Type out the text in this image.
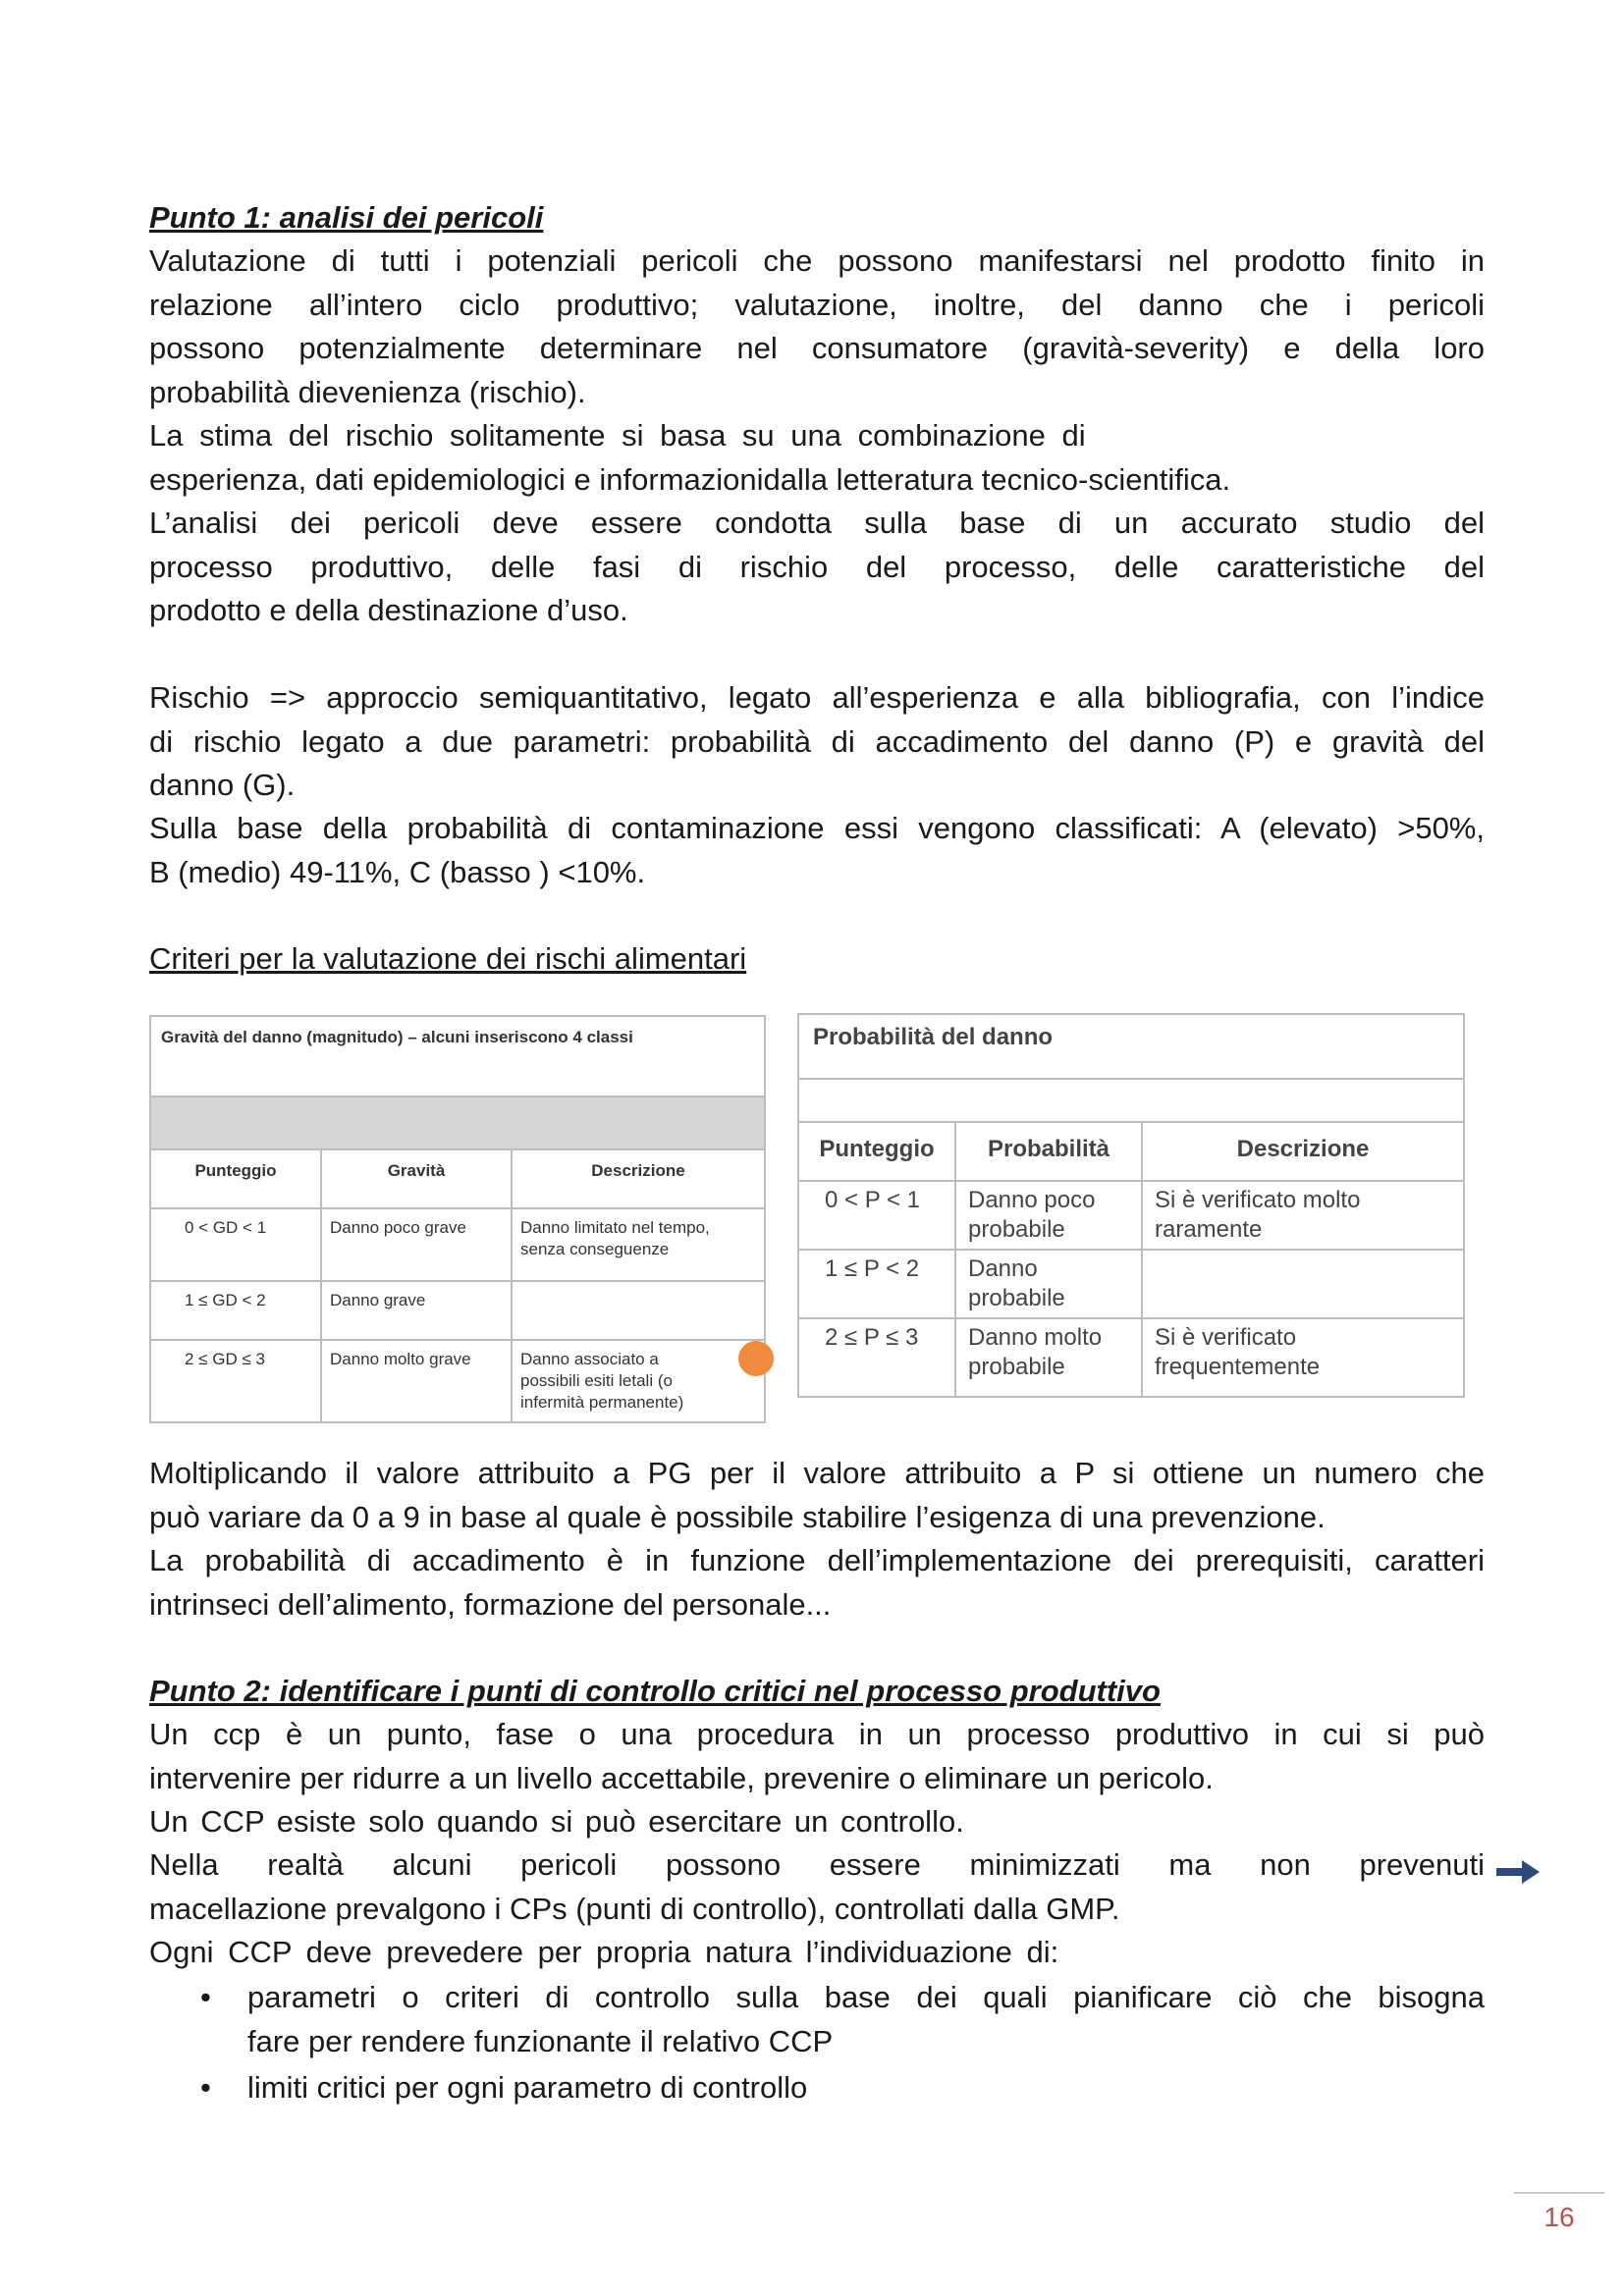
Punto 1: analisi dei pericoli
Valutazione di tutti i potenziali pericoli che possono manifestarsi nel prodotto finito in
relazione all’intero ciclo produttivo; valutazione, inoltre, del danno che i pericoli
possono potenzialmente determinare nel consumatore (gravità-severity) e della loro
probabilità dievenienza (rischio).
La stima del rischio solitamente si basa su una combinazione di
esperienza, dati epidemiologici e informazionidalla letteratura tecnico-scientifica.
L’analisi dei pericoli deve essere condotta sulla base di un accurato studio del
processo produttivo, delle fasi di rischio del processo, delle caratteristiche del
prodotto e della destinazione d’uso.
Rischio => approccio semiquantitativo, legato all’esperienza e alla bibliografia, con l’indice
di rischio legato a due parametri: probabilità di accadimento del danno (P) e gravità del
danno (G).
Sulla base della probabilità di contaminazione essi vengono classificati: A (elevato) >50%,
B (medio) 49-11%, C (basso ) <10%.
Criteri per la valutazione dei rischi alimentari
Gravità del danno (magnitudo) – alcuni inseriscono 4 classi		

Punteggio	Gravità	Descrizione
0 < GD < 1	Danno poco grave	Danno limitato nel tempo, senza conseguenze
1 ≤ GD < 2	Danno grave	
2 ≤ GD ≤ 3	Danno molto grave	Danno associato a possibili esiti letali (o infermità permanente)
Probabilità del danno		

Punteggio	Probabilità	Descrizione
0 < P < 1	Danno poco probabile	Si è verificato molto raramente
1 ≤ P < 2	Danno probabile	
2 ≤ P ≤ 3	Danno molto probabile	Si è verificato frequentemente
Moltiplicando il valore attribuito a PG per il valore attribuito a P si ottiene un numero che
può variare da 0 a 9 in base al quale è possibile stabilire l’esigenza di una prevenzione.
La probabilità di accadimento è in funzione dell’implementazione dei prerequisiti, caratteri
intrinseci dell’alimento, formazione del personale...
Punto 2: identificare i punti di controllo critici nel processo produttivo
Un ccp è un punto, fase o una procedura in un processo produttivo in cui si può
intervenire per ridurre a un livello accettabile, prevenire o eliminare un pericolo.
Un CCP esiste solo quando si può esercitare un controllo.
Nella realtà alcuni pericoli possono essere minimizzati ma non prevenuti
macellazione prevalgono i CPs (punti di controllo), controllati dalla GMP.
Ogni CCP deve prevedere per propria natura l’individuazione di:
• parametri o criteri di controllo sulla base dei quali pianificare ciò che bisogna
fare per rendere funzionante il relativo CCP
• limiti critici per ogni parametro di controllo
16
